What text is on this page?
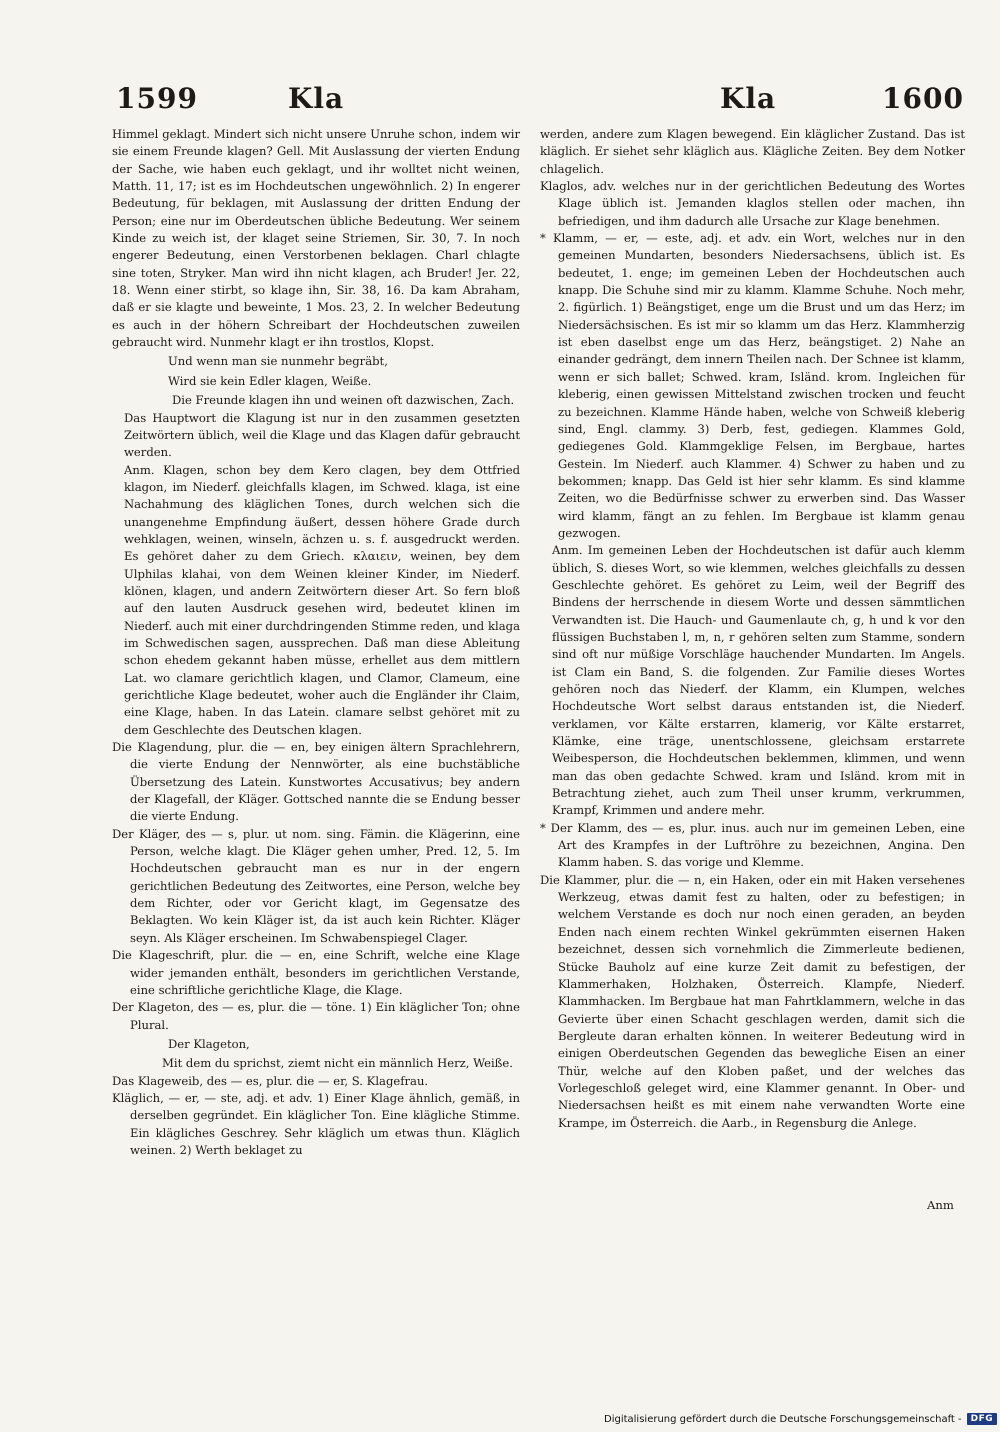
1599	Kla	Kla	1600

Himmel geklagt. Mindert sich nicht unsere Unruhe schon, indem wir sie einem Freunde klagen? Gell. Mit Auslassung der vierten Endung der Sache, wie haben euch geklagt, und ihr wolltet nicht weinen, Matth. 11, 17; ist es im Hochdeutschen ungewöhnlich. 2) In engerer Bedeutung, für beklagen, mit Auslassung der dritten Endung der Person; eine nur im Oberdeutschen übliche Bedeutung. Wer seinem Kinde zu weich ist, der klaget seine Striemen, Sir. 30, 7. In noch engerer Bedeutung, einen Verstorbenen beklagen. Charl chlagte sine toten, Stryker. Man wird ihn nicht klagen, ach Bruder! Jer. 22, 18. Wenn einer stirbt, so klage ihn, Sir. 38, 16. Da kam Abraham, daß er sie klagte und beweinte, 1 Mos. 23, 2. In welcher Bedeutung es auch in der höhern Schreibart der Hochdeutschen zuweilen gebraucht wird. Nunmehr klagt er ihn trostlos, Klopst.

Und wenn man sie nunmehr begräbt,

Wird sie kein Edler klagen, Weiße.

Die Freunde klagen ihn und weinen oft dazwischen, Zach.

Das Hauptwort die Klagung ist nur in den zusammen gesetzten Zeitwörtern üblich, weil die Klage und das Klagen dafür gebraucht werden.

Anm. Klagen, schon bey dem Kero clagen, bey dem Ottfried klagon, im Niederf. gleichfalls klagen, im Schwed. klaga, ist eine Nachahmung des kläglichen Tones, durch welchen sich die unangenehme Empfindung äußert, dessen höhere Grade durch wehklagen, weinen, winseln, ächzen u. s. f. ausgedruckt werden. Es gehöret daher zu dem Griech. κλαιειν, weinen, bey dem Ulphilas klahai, von dem Weinen kleiner Kinder, im Niederf. klönen, klagen, und andern Zeitwörtern dieser Art. So fern bloß auf den lauten Ausdruck gesehen wird, bedeutet klinen im Niederf. auch mit einer durchdringenden Stimme reden, und klaga im Schwedischen sagen, aussprechen. Daß man diese Ableitung schon ehedem gekannt haben müsse, erhellet aus dem mittlern Lat. wo clamare gerichtlich klagen, und Clamor, Clameum, eine gerichtliche Klage bedeutet, woher auch die Engländer ihr Claim, eine Klage, haben. In das Latein. clamare selbst gehöret mit zu dem Geschlechte des Deutschen klagen.

Die Klagendung, plur. die — en, bey einigen ältern Sprachlehrern, die vierte Endung der Nennwörter, als eine buchstäbliche Übersetzung des Latein. Kunstwortes Accusativus; bey andern der Klagefall, der Kläger. Gottsched nannte die se Endung besser die vierte Endung.

Der Kläger, des — s, plur. ut nom. sing. Fämin. die Klägerinn, eine Person, welche klagt. Die Kläger gehen umher, Pred. 12, 5. Im Hochdeutschen gebraucht man es nur in der engern gerichtlichen Bedeutung des Zeitwortes, eine Person, welche bey dem Richter, oder vor Gericht klagt, im Gegensatze des Beklagten. Wo kein Kläger ist, da ist auch kein Richter. Kläger seyn. Als Kläger erscheinen. Im Schwabenspiegel Clager.

Die Klageschrift, plur. die — en, eine Schrift, welche eine Klage wider jemanden enthält, besonders im gerichtlichen Verstande, eine schriftliche gerichtliche Klage, die Klage.

Der Klageton, des — es, plur. die — töne. 1) Ein kläglicher Ton; ohne Plural.

Der Klageton,

Mit dem du sprichst, ziemt nicht ein männlich Herz, Weiße.

Das Klageweib, des — es, plur. die — er, S. Klagefrau.

Kläglich, — er, — ste, adj. et adv. 1) Einer Klage ähnlich, gemäß, in derselben gegründet. Ein kläglicher Ton. Eine klägliche Stimme. Ein klägliches Geschrey. Sehr kläglich um etwas thun. Kläglich weinen. 2) Werth beklaget zu

werden, andere zum Klagen bewegend. Ein kläglicher Zustand. Das ist kläglich. Er siehet sehr kläglich aus. Klägliche Zeiten. Bey dem Notker chlagelich.

Klaglos, adv. welches nur in der gerichtlichen Bedeutung des Wortes Klage üblich ist. Jemanden klaglos stellen oder machen, ihn befriedigen, und ihm dadurch alle Ursache zur Klage benehmen.

* Klamm, — er, — este, adj. et adv. ein Wort, welches nur in den gemeinen Mundarten, besonders Niedersachsens, üblich ist. Es bedeutet, 1. enge; im gemeinen Leben der Hochdeutschen auch knapp. Die Schuhe sind mir zu klamm. Klamme Schuhe. Noch mehr, 2. figürlich. 1) Beängstiget, enge um die Brust und um das Herz; im Niedersächsischen. Es ist mir so klamm um das Herz. Klammherzig ist eben daselbst enge um das Herz, beängstiget. 2) Nahe an einander gedrängt, dem innern Theilen nach. Der Schnee ist klamm, wenn er sich ballet; Schwed. kram, Isländ. krom. Ingleichen für kleberig, einen gewissen Mittelstand zwischen trocken und feucht zu bezeichnen. Klamme Hände haben, welche von Schweiß kleberig sind, Engl. clammy. 3) Derb, fest, gediegen. Klammes Gold, gediegenes Gold. Klammgeklige Felsen, im Bergbaue, hartes Gestein. Im Niederf. auch Klammer. 4) Schwer zu haben und zu bekommen; knapp. Das Geld ist hier sehr klamm. Es sind klamme Zeiten, wo die Bedürfnisse schwer zu erwerben sind. Das Wasser wird klamm, fängt an zu fehlen. Im Bergbaue ist klamm genau gezwogen.

Anm. Im gemeinen Leben der Hochdeutschen ist dafür auch klemm üblich, S. dieses Wort, so wie klemmen, welches gleichfalls zu dessen Geschlechte gehöret. Es gehöret zu Leim, weil der Begriff des Bindens der herrschende in diesem Worte und dessen sämmtlichen Verwandten ist. Die Hauch- und Gaumenlaute ch, g, h und k vor den flüssigen Buchstaben l, m, n, r gehören selten zum Stamme, sondern sind oft nur müßige Vorschläge hauchender Mundarten. Im Angels. ist Clam ein Band, S. die folgenden. Zur Familie dieses Wortes gehören noch das Niederf. der Klamm, ein Klumpen, welches Hochdeutsche Wort selbst daraus entstanden ist, die Niederf. verklamen, vor Kälte erstarren, klamerig, vor Kälte erstarret, Klämke, eine träge, unentschlossene, gleichsam erstarrete Weibesperson, die Hochdeutschen beklemmen, klimmen, und wenn man das oben gedachte Schwed. kram und Isländ. krom mit in Betrachtung ziehet, auch zum Theil unser krumm, verkrummen, Krampf, Krimmen und andere mehr.

* Der Klamm, des — es, plur. inus. auch nur im gemeinen Leben, eine Art des Krampfes in der Luftröhre zu bezeichnen, Angina. Den Klamm haben. S. das vorige und Klemme.

Die Klammer, plur. die — n, ein Haken, oder ein mit Haken versehenes Werkzeug, etwas damit fest zu halten, oder zu befestigen; in welchem Verstande es doch nur noch einen geraden, an beyden Enden nach einem rechten Winkel gekrümmten eisernen Haken bezeichnet, dessen sich vornehmlich die Zimmerleute bedienen, Stücke Bauholz auf eine kurze Zeit damit zu befestigen, der Klammerhaken, Holzhaken, Österreich. Klampfe, Niederf. Klammhacken. Im Bergbaue hat man Fahrtklammern, welche in das Gevierte über einen Schacht geschlagen werden, damit sich die Bergleute daran erhalten können. In weiterer Bedeutung wird in einigen Oberdeutschen Gegenden das bewegliche Eisen an einer Thür, welche auf den Kloben paßet, und der welches das Vorlegeschloß geleget wird, eine Klammer genannt. In Ober- und Niedersachsen heißt es mit einem nahe verwandten Worte eine Krampe, im Österreich. die Aarb., in Regensburg die Anlege.

Anm
Digitalisierung gefördert durch die Deutsche Forschungsgemeinschaft -	DFG
